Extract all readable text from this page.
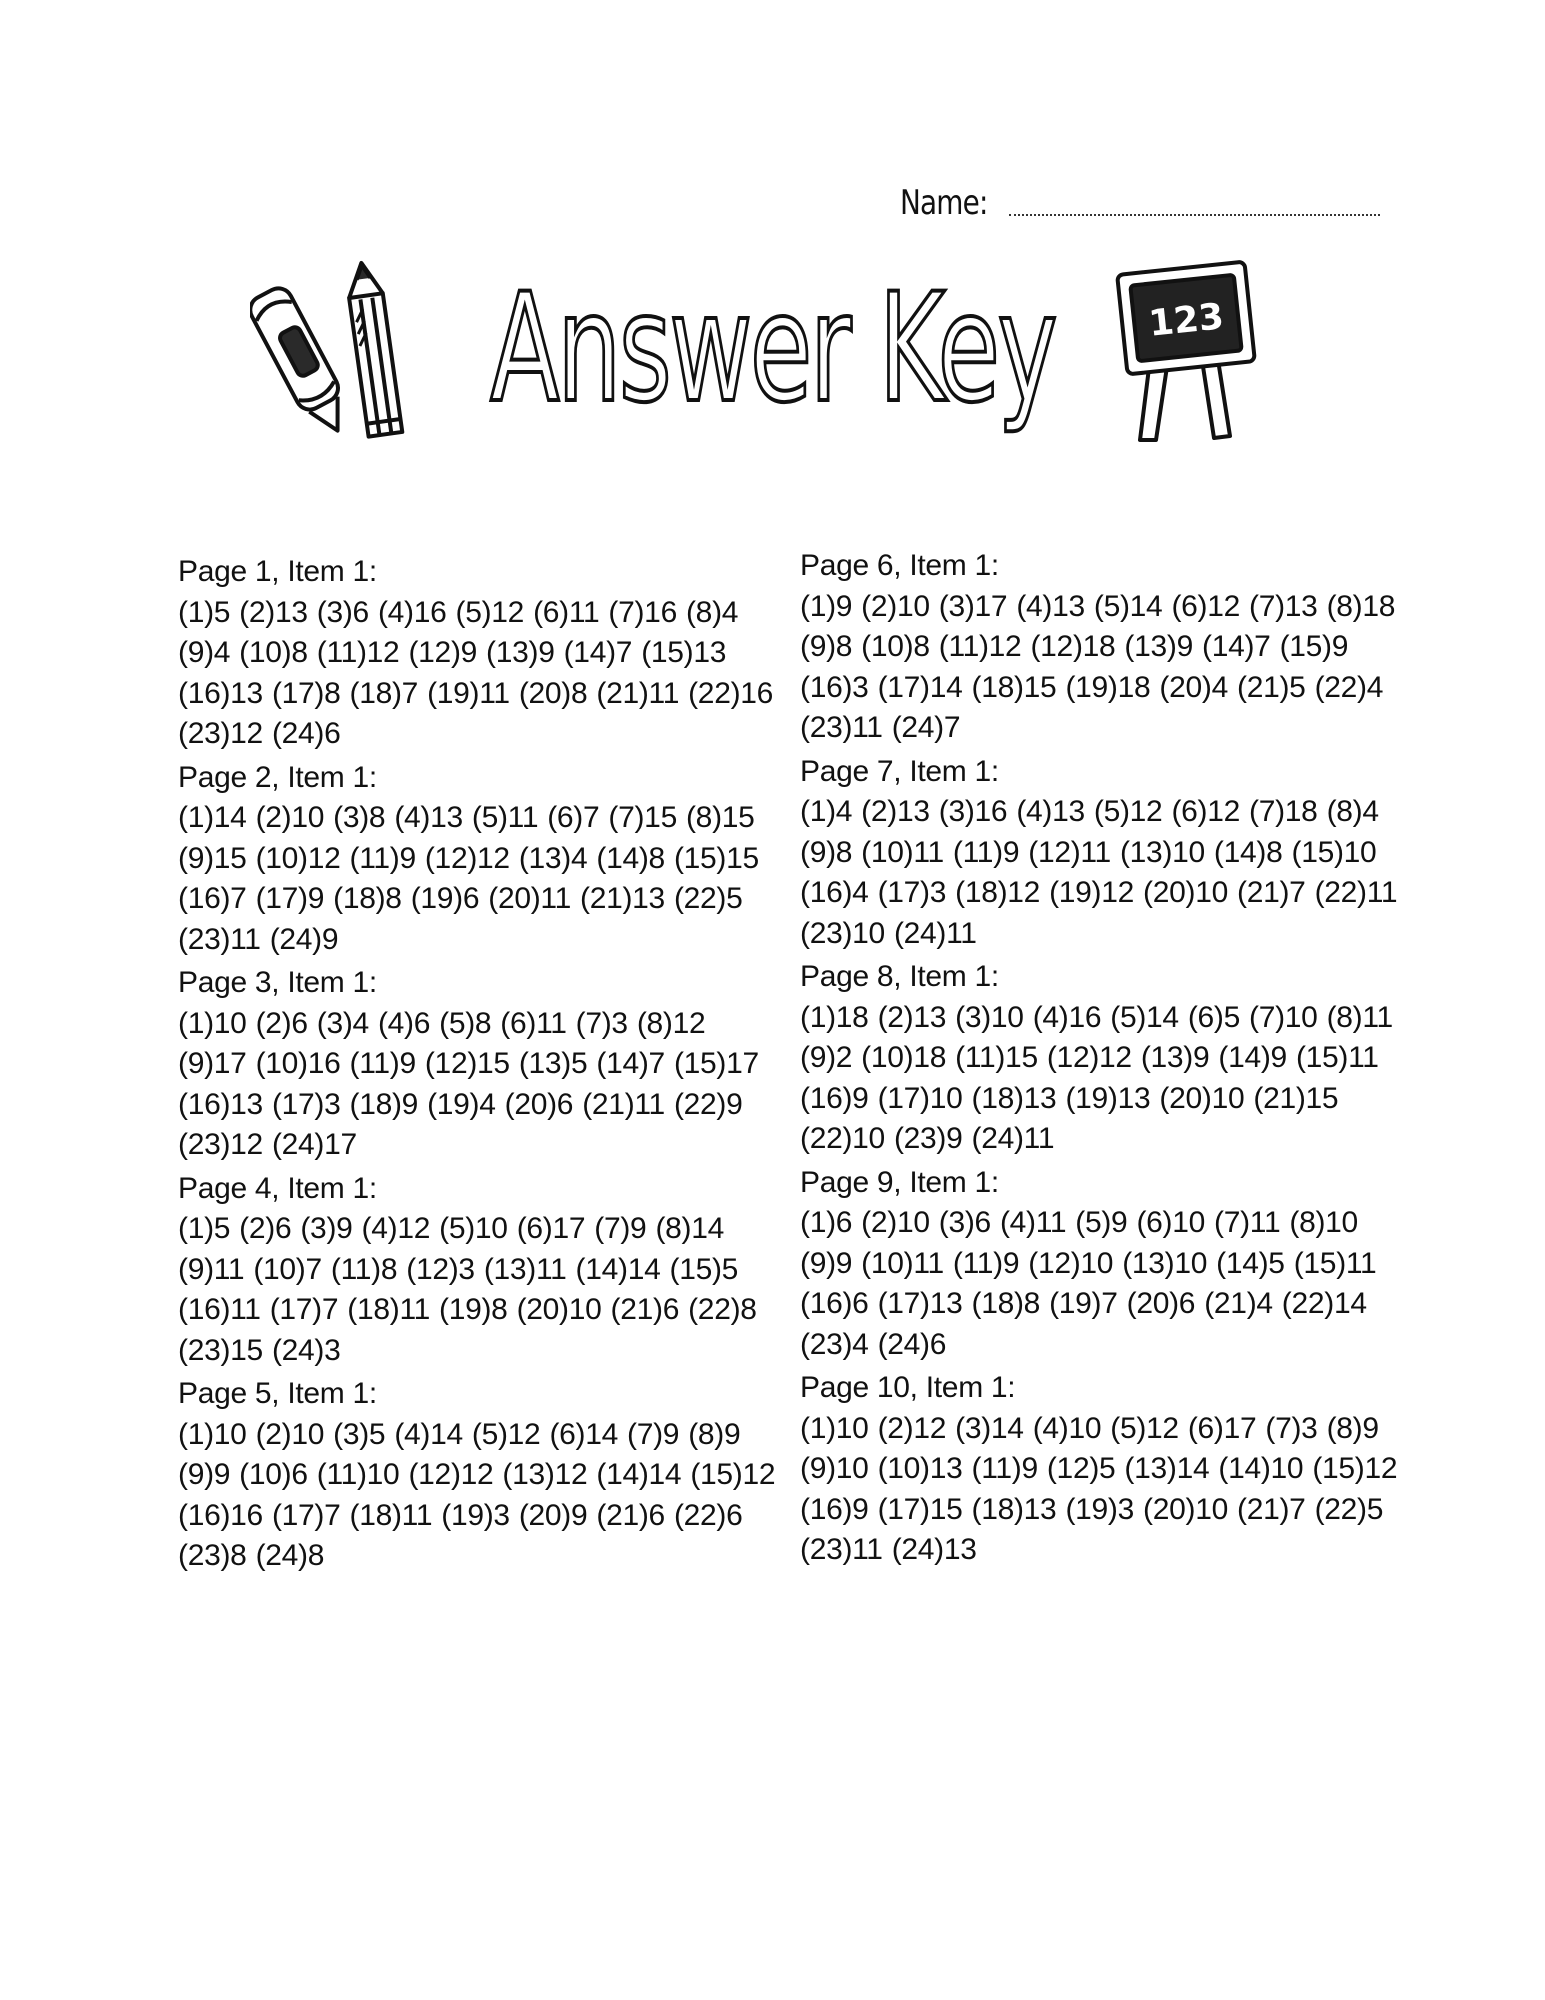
Name:
Answer Key	123
Page 1, Item 1:
(1)5 (2)13 (3)6 (4)16 (5)12 (6)11 (7)16 (8)4 (9)4 (10)8 (11)12 (12)9 (13)9 (14)7 (15)13 (16)13 (17)8 (18)7 (19)11 (20)8 (21)11 (22)16 (23)12 (24)6
Page 2, Item 1:
(1)14 (2)10 (3)8 (4)13 (5)11 (6)7 (7)15 (8)15 (9)15 (10)12 (11)9 (12)12 (13)4 (14)8 (15)15 (16)7 (17)9 (18)8 (19)6 (20)11 (21)13 (22)5 (23)11 (24)9
Page 3, Item 1:
(1)10 (2)6 (3)4 (4)6 (5)8 (6)11 (7)3 (8)12 (9)17 (10)16 (11)9 (12)15 (13)5 (14)7 (15)17 (16)13 (17)3 (18)9 (19)4 (20)6 (21)11 (22)9 (23)12 (24)17
Page 4, Item 1:
(1)5 (2)6 (3)9 (4)12 (5)10 (6)17 (7)9 (8)14 (9)11 (10)7 (11)8 (12)3 (13)11 (14)14 (15)5 (16)11 (17)7 (18)11 (19)8 (20)10 (21)6 (22)8 (23)15 (24)3
Page 5, Item 1:
(1)10 (2)10 (3)5 (4)14 (5)12 (6)14 (7)9 (8)9 (9)9 (10)6 (11)10 (12)12 (13)12 (14)14 (15)12 (16)16 (17)7 (18)11 (19)3 (20)9 (21)6 (22)6 (23)8 (24)8
Page 6, Item 1:
(1)9 (2)10 (3)17 (4)13 (5)14 (6)12 (7)13 (8)18 (9)8 (10)8 (11)12 (12)18 (13)9 (14)7 (15)9 (16)3 (17)14 (18)15 (19)18 (20)4 (21)5 (22)4 (23)11 (24)7
Page 7, Item 1:
(1)4 (2)13 (3)16 (4)13 (5)12 (6)12 (7)18 (8)4 (9)8 (10)11 (11)9 (12)11 (13)10 (14)8 (15)10 (16)4 (17)3 (18)12 (19)12 (20)10 (21)7 (22)11 (23)10 (24)11
Page 8, Item 1:
(1)18 (2)13 (3)10 (4)16 (5)14 (6)5 (7)10 (8)11 (9)2 (10)18 (11)15 (12)12 (13)9 (14)9 (15)11 (16)9 (17)10 (18)13 (19)13 (20)10 (21)15 (22)10 (23)9 (24)11
Page 9, Item 1:
(1)6 (2)10 (3)6 (4)11 (5)9 (6)10 (7)11 (8)10 (9)9 (10)11 (11)9 (12)10 (13)10 (14)5 (15)11 (16)6 (17)13 (18)8 (19)7 (20)6 (21)4 (22)14 (23)4 (24)6
Page 10, Item 1:
(1)10 (2)12 (3)14 (4)10 (5)12 (6)17 (7)3 (8)9 (9)10 (10)13 (11)9 (12)5 (13)14 (14)10 (15)12 (16)9 (17)15 (18)13 (19)3 (20)10 (21)7 (22)5 (23)11 (24)13
